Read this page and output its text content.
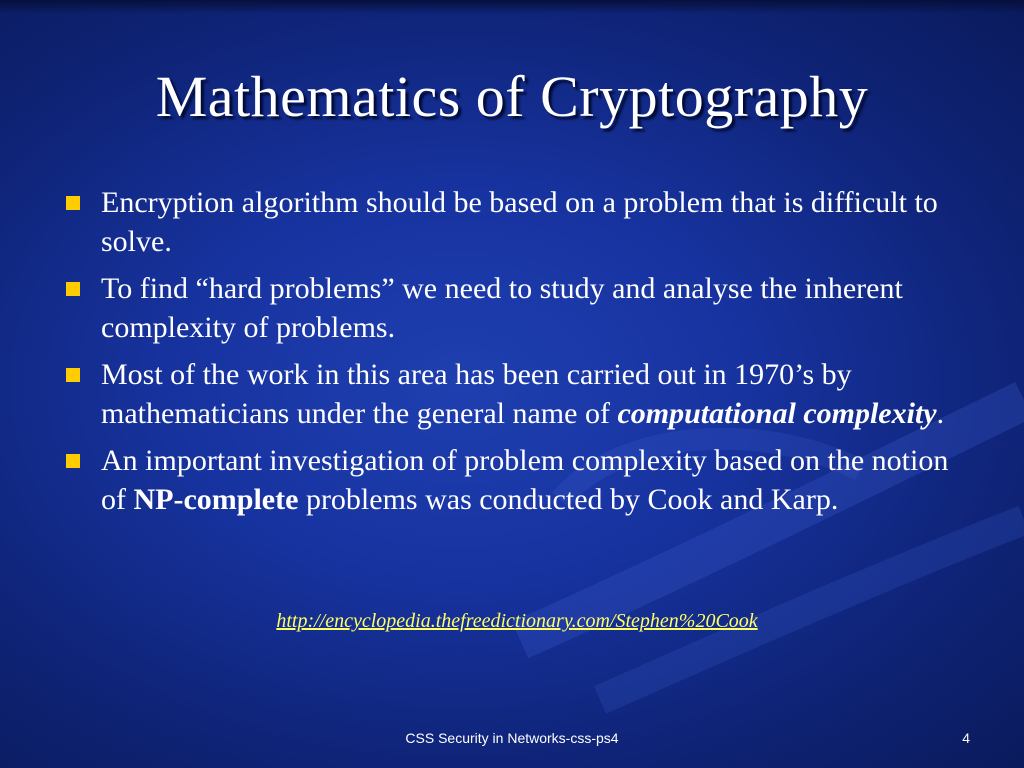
Mathematics of Cryptography
Encryption algorithm should be based on a problem that is difficult to solve.
To find “hard problems” we need to study and analyse the inherent complexity of problems.
Most of the work in this area has been carried out in 1970’s by mathematicians under the general name of computational complexity.
An important investigation of problem complexity based on the notion of NP-complete problems was conducted by Cook and Karp.
http://encyclopedia.thefreedictionary.com/Stephen%20Cook
CSS Security in Networks-css-ps4	4
